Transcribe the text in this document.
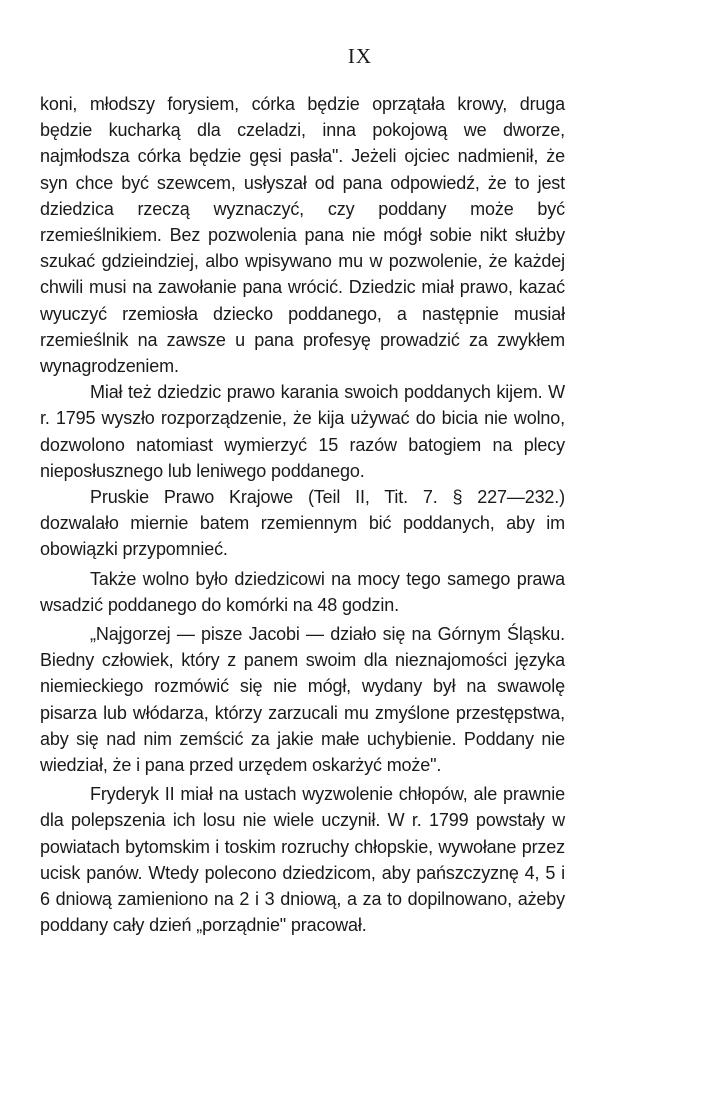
IX

koni, młodszy forysiem, córka będzie oprzątała krowy, druga będzie kucharką dla czeladzi, inna pokojową we dworze, najmłodsza córka będzie gęsi pasła". Jeżeli ojciec nadmienił, że syn chce być szewcem, usłyszał od pana odpowiedź, że to jest dziedzica rzeczą wyznaczyć, czy poddany może być rzemieślnikiem. Bez pozwolenia pana nie mógł sobie nikt służby szukać gdzieindziej, albo wpisywano mu w pozwolenie, że każdej chwili musi na zawołanie pana wrócić. Dziedzic miał prawo, kazać wyuczyć rzemiosła dziecko poddanego, a następnie musiał rzemieślnik na zawsze u pana profesyę prowadzić za zwykłem wynagrodzeniem.

Miał też dziedzic prawo karania swoich poddanych kijem. W r. 1795 wyszło rozporządzenie, że kija używać do bicia nie wolno, dozwolono natomiast wymierzyć 15 razów batogiem na plecy nieposłusznego lub leniwego poddanego.

Pruskie Prawo Krajowe (Teil II, Tit. 7. § 227—232.) dozwalało miernie batem rzemiennym bić poddanych, aby im obowiązki przypomnieć.

Także wolno było dziedzicowi na mocy tego samego prawa wsadzić poddanego do komórki na 48 godzin.

„Najgorzej — pisze Jacobi — działo się na Górnym Śląsku. Biedny człowiek, który z panem swoim dla nieznajomości języka niemieckiego rozmówić się nie mógł, wydany był na swawolę pisarza lub włódarza, którzy zarzucali mu zmyślone przestępstwa, aby się nad nim zemścić za jakie małe uchybienie. Poddany nie wiedział, że i pana przed urzędem oskarżyć może".

Fryderyk II miał na ustach wyzwolenie chłopów, ale prawnie dla polepszenia ich losu nie wiele uczynił. W r. 1799 powstały w powiatach bytomskim i toskim rozruchy chłopskie, wywołane przez ucisk panów. Wtedy polecono dziedzicom, aby pańszczyznę 4, 5 i 6 dniową zamieniono na 2 i 3 dniową, a za to dopilnowano, ażeby poddany cały dzień „porządnie" pracował.
